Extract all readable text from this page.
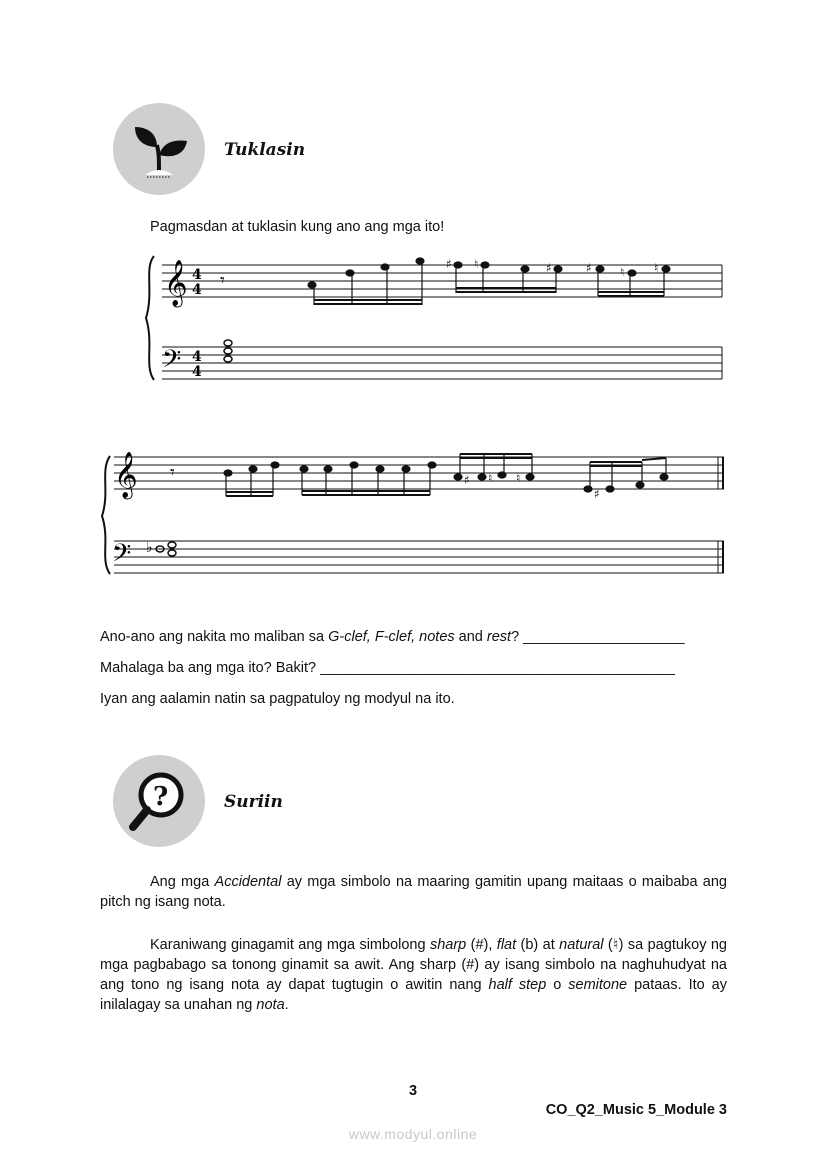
Tuklasin
Pagmasdan at tuklasin kung ano ang mga ito!
𝄞
𝄢
4
4
4
4
𝄾
♯ ♮	♯	♯ ♮ ♮
𝄞
𝄢
𝄾
♭
♯ ♮ ♮
♯
Ano-ano ang nakita mo maliban sa G-clef, F-clef, notes and rest? ____________________
Mahalaga ba ang mga ito? Bakit? ____________________________________________
Iyan ang aalamin natin sa pagpatuloy ng modyul na ito.
?	Suriin
Ang mga Accidental ay mga simbolo na maaring gamitin upang maitaas o maibaba ang pitch ng isang nota.
Karaniwang ginagamit ang mga simbolong sharp (#), flat (b) at natural (♮) sa pagtukoy ng mga pagbabago sa tonong ginamit sa awit. Ang sharp (#) ay isang simbolo na naghuhudyat na ang tono ng isang nota ay dapat tugtugin o awitin nang half step o semitone pataas. Ito ay inilalagay sa unahan ng nota.
3
CO_Q2_Music 5_Module 3
www.modyul.online
